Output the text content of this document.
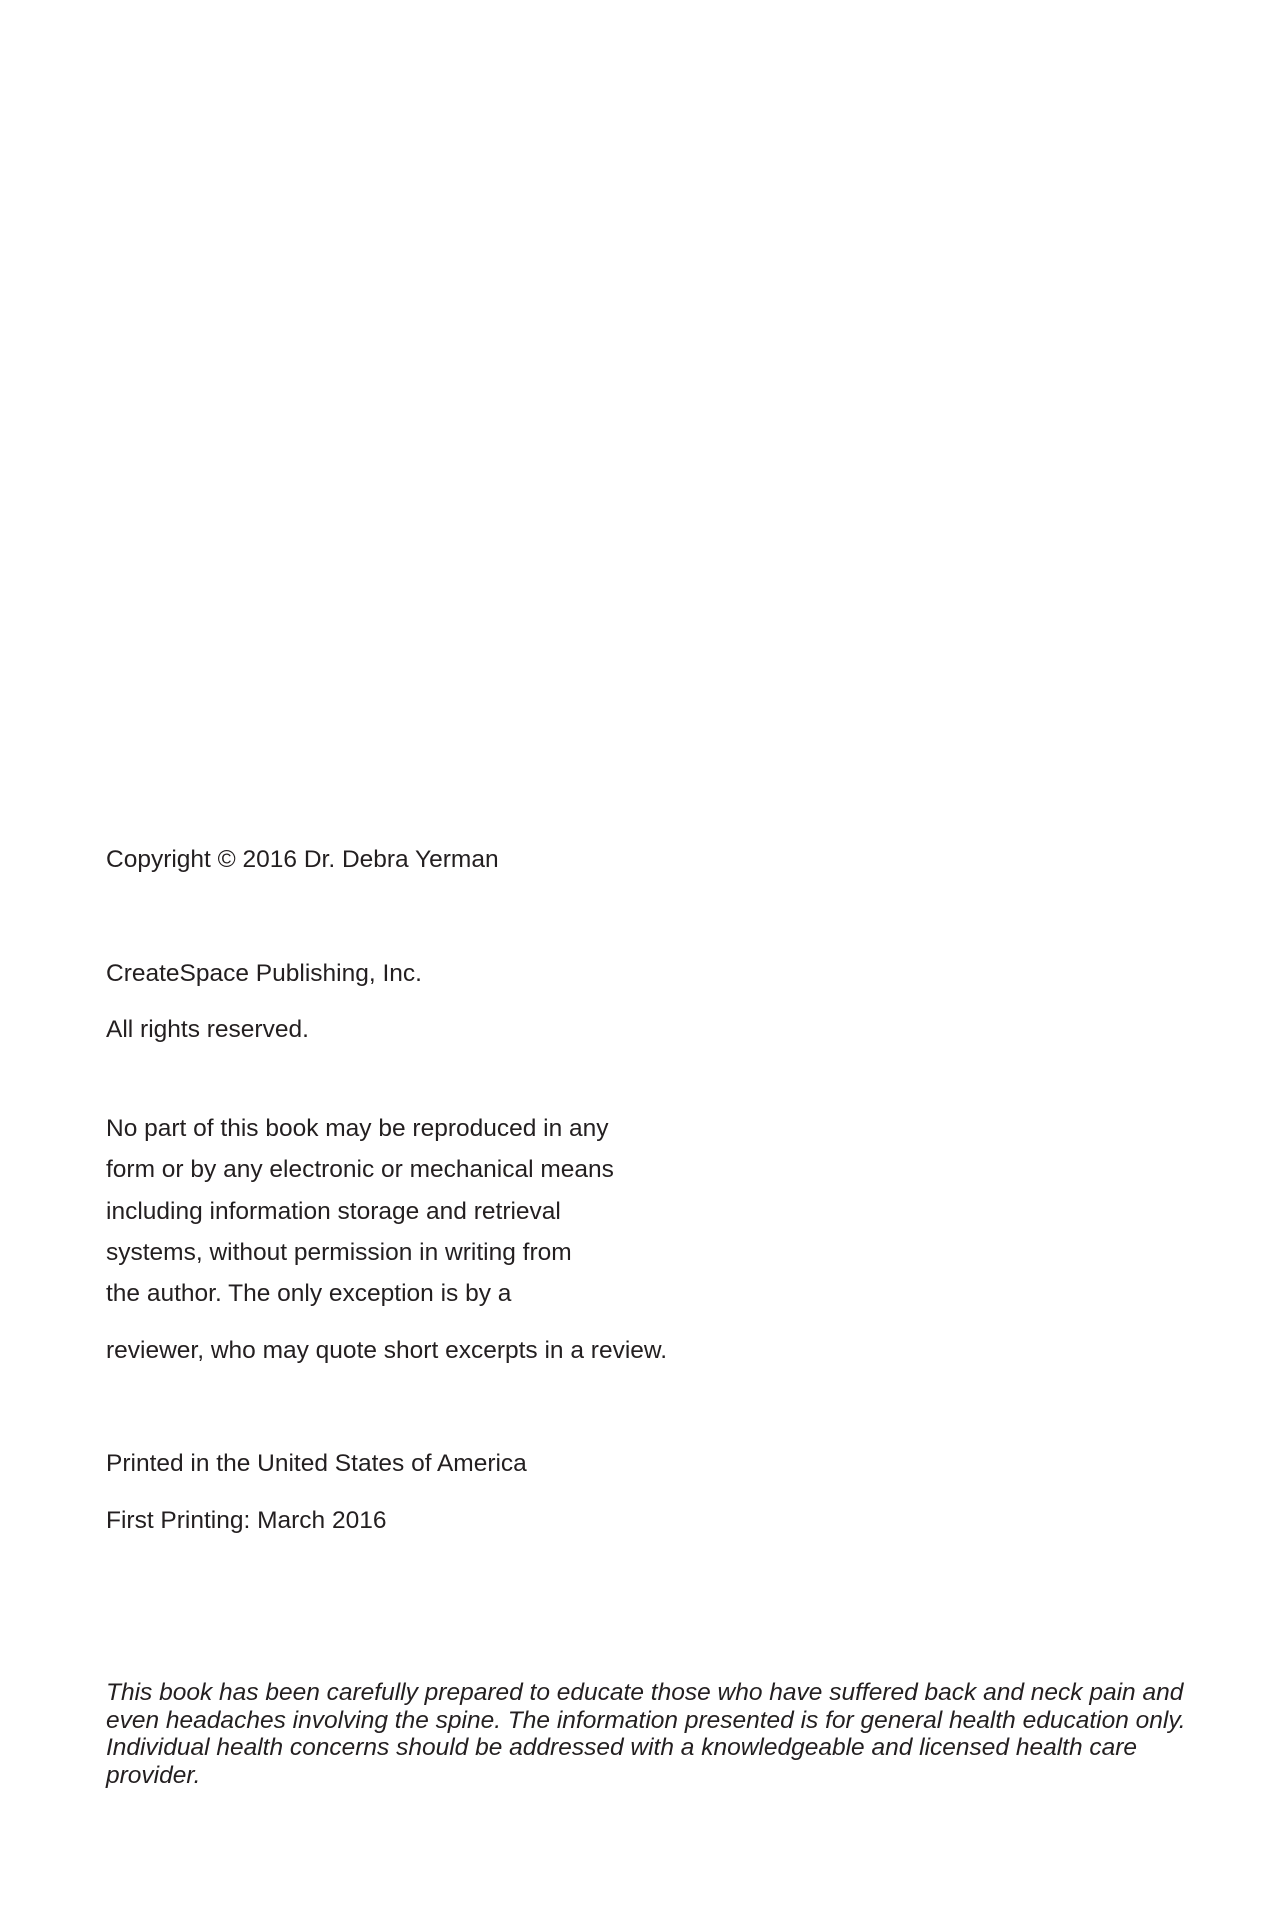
Copyright © 2016 Dr. Debra Yerman

CreateSpace Publishing, Inc.

All rights reserved.

No part of this book may be reproduced in any

form or by any electronic or mechanical means

including information storage and retrieval

systems, without permission in writing from

the author. The only exception is by a

reviewer, who may quote short excerpts in a review.

Printed in the United States of America

First Printing: March 2016

This book has been carefully prepared to educate those who have suffered back and neck pain and
even headaches involving the spine. The information presented is for general health education only.
Individual health concerns should be addressed with a knowledgeable and licensed health care
provider.
